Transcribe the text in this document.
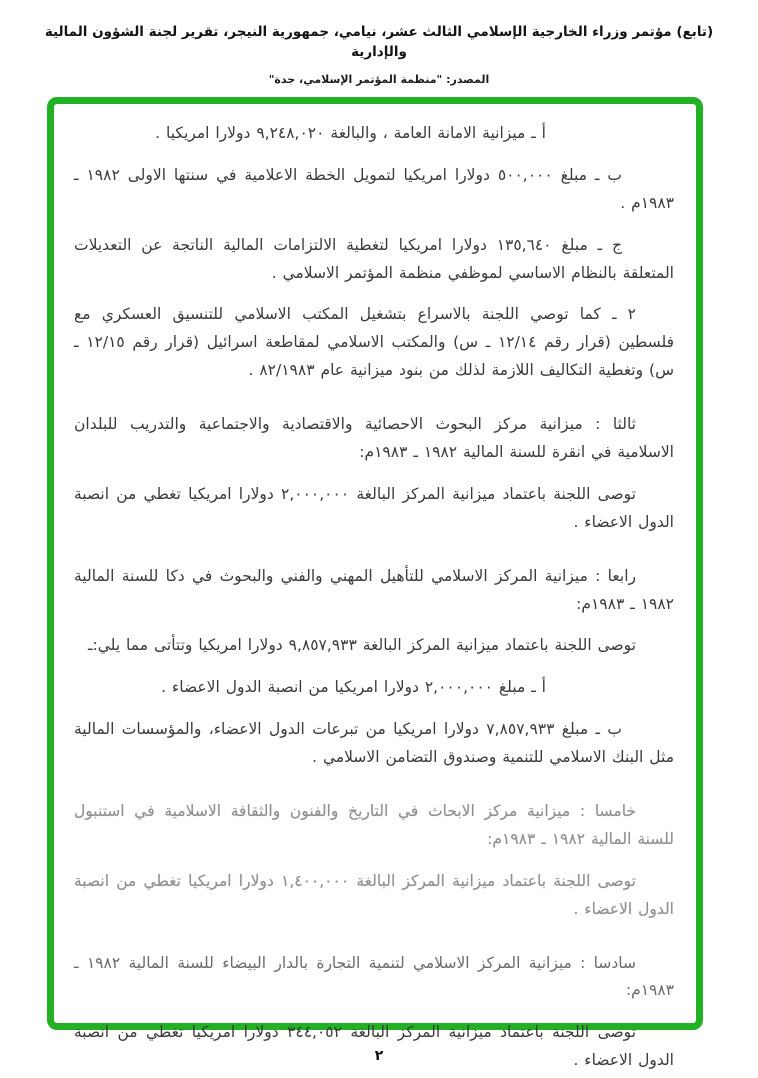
(تابع) مؤتمر وزراء الخارجية الإسلامي الثالث عشر، نيامي، جمهورية النيجر، تقرير لجنة الشؤون المالية والإدارية
المصدر: "منظمة المؤتمر الإسلامي، جدة"

أ ـ ميزانية الامانة العامة ، والبالغة ٩,٢٤٨,٠٢٠ دولارا امريكيا .

ب ـ مبلغ ٥٠٠,٠٠٠ دولارا امريكيا لتمويل الخطة الاعلامية في سنتها الاولى ١٩٨٢ ـ ١٩٨٣م .

ج ـ مبلغ ١٣٥,٦٤٠ دولارا امريكيا لتغطية الالتزامات المالية الناتجة عن التعديلات المتعلقة بالنظام الاساسي لموظفي منظمة المؤتمر الاسلامي .

٢ ـ كما توصي اللجنة بالاسراع بتشغيل المكتب الاسلامي للتنسيق العسكري مع فلسطين (قرار رقم ١٢/١٤ ـ س) والمكتب الاسلامي لمقاطعة اسرائيل (قرار رقم ١٢/١٥ ـ س) وتغطية التكاليف اللازمة لذلك من بنود ميزانية عام ٨٢/١٩٨٣ .

ثالثا : ميزانية مركز البحوث الاحصائية والاقتصادية والاجتماعية والتدريب للبلدان الاسلامية في انقرة للسنة المالية ١٩٨٢ ـ ١٩٨٣م:

توصى اللجنة باعتماد ميزانية المركز البالغة ٢,٠٠٠,٠٠٠ دولارا امريكيا تغطي من انصبة الدول الاعضاء .

رابعا : ميزانية المركز الاسلامي للتأهيل المهني والفني والبحوث في دكا للسنة المالية ١٩٨٢ ـ ١٩٨٣م:

توصى اللجنة باعتماد ميزانية المركز البالغة ٩,٨٥٧,٩٣٣ دولارا امريكيا وتتأتى مما يلي:ـ

أ ـ مبلغ ٢,٠٠٠,٠٠٠ دولارا امريكيا من انصبة الدول الاعضاء .

ب ـ مبلغ ٧,٨٥٧,٩٣٣ دولارا امريكيا من تبرعات الدول الاعضاء، والمؤسسات المالية مثل البنك الاسلامي للتنمية وصندوق التضامن الاسلامي .

خامسا : ميزانية مركز الابحاث في التاريخ والفنون والثقافة الاسلامية في استنبول للسنة المالية ١٩٨٢ ـ ١٩٨٣م:

توصى اللجنة باعتماد ميزانية المركز البالغة ١,٤٠٠,٠٠٠ دولارا امريكيا تغطي من انصبة الدول الاعضاء .

سادسا : ميزانية المركز الاسلامي لتنمية التجارة بالدار البيضاء للسنة المالية ١٩٨٢ ـ ١٩٨٣م:

توصى اللجنة باعتماد ميزانية المركز البالغة ٣٤٤,٠٥٢ دولارا امريكيا تغطي من انصبة الدول الاعضاء .

٢
